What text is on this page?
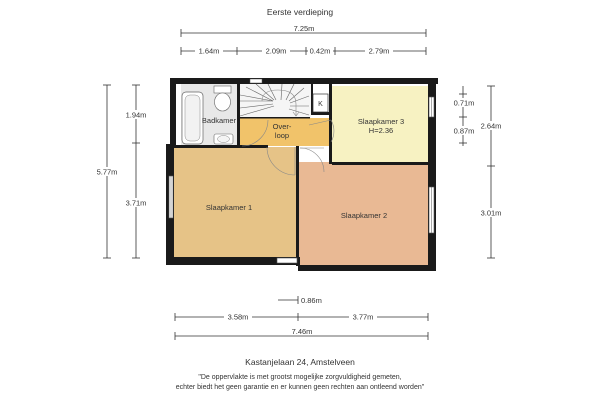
Eerste verdieping
7.25m
1.64m	2.09m	0.42m	2.79m
5.77m
1.94m
3.71m
0.71m
0.87m
2.64m
3.01m
K
Badkamer
Over-
loop
Slaapkamer 3
H=2.36
Slaapkamer 1
Slaapkamer 2
0.86m
3.58m	3.77m
7.46m
Kastanjelaan 24, Amstelveen
"De oppervlakte is met grootst mogelijke zorgvuldigheid gemeten,
echter biedt het geen garantie en er kunnen geen rechten aan ontleend worden"
